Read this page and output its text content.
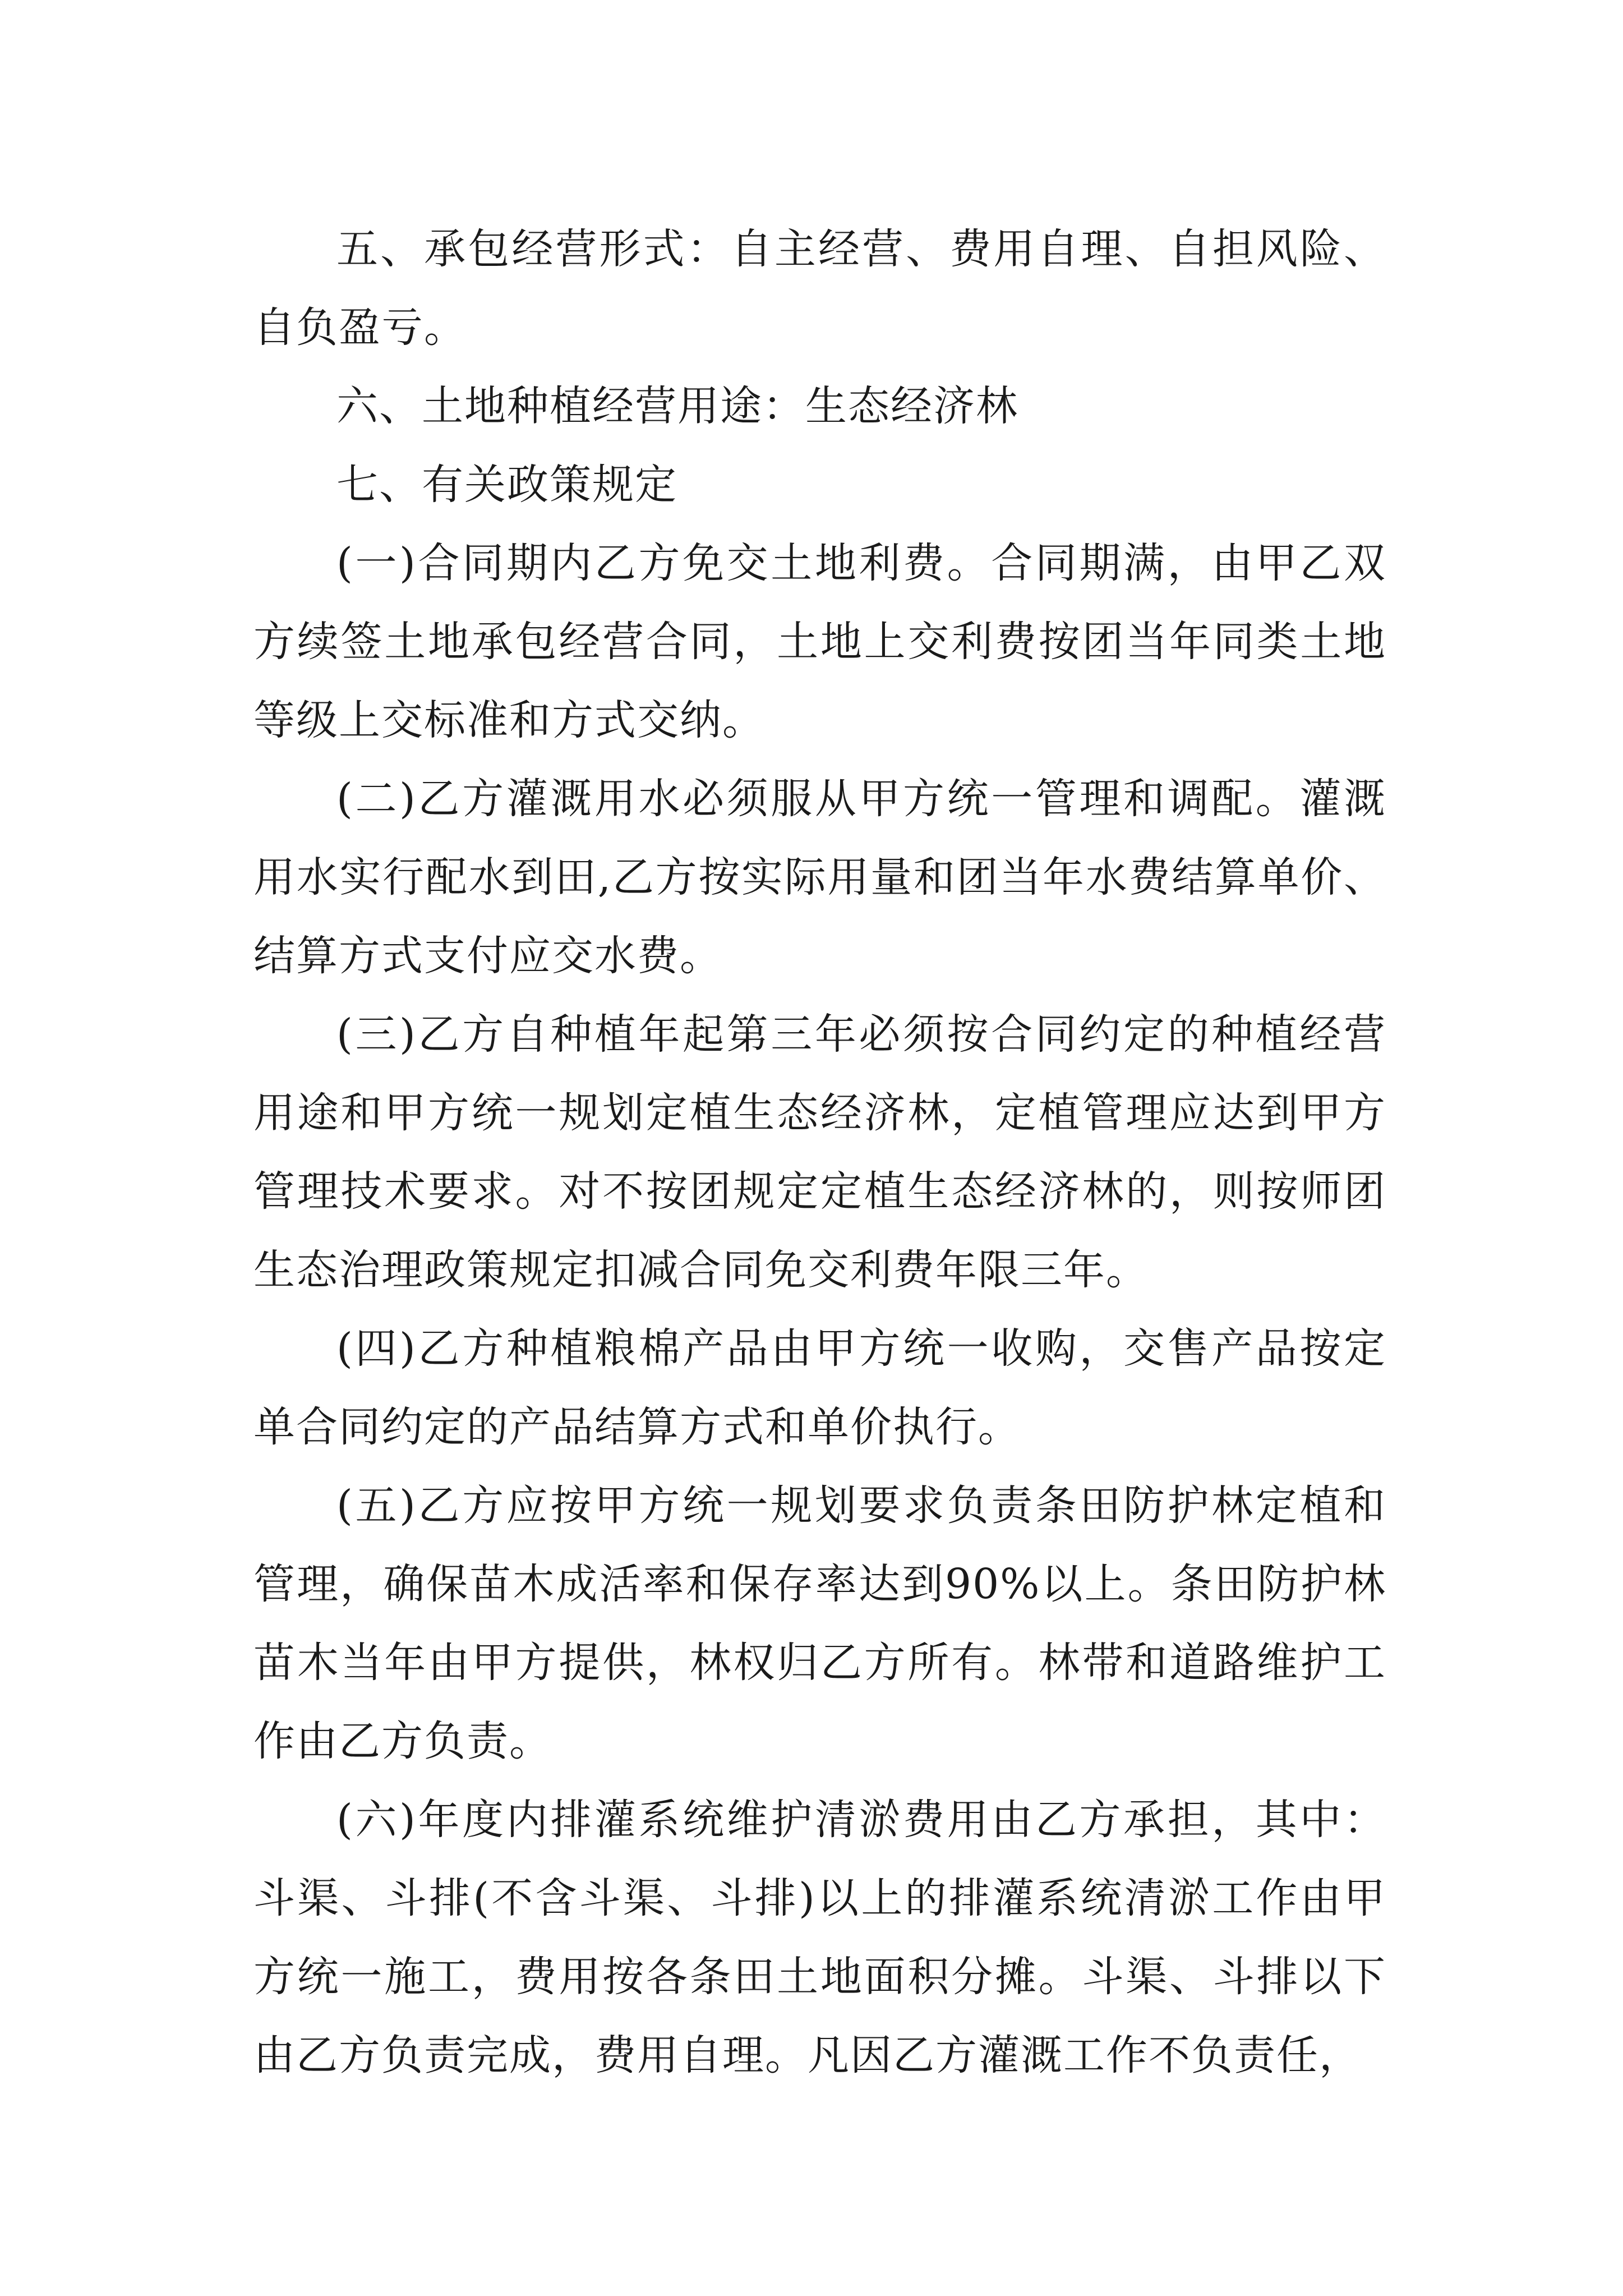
五、承包经营形式：自主经营、费用自理、自担风险、自负盈亏。

六、土地种植经营用途：生态经济林

七、有关政策规定

(一)合同期内乙方免交土地利费。合同期满，由甲乙双方续签土地承包经营合同，土地上交利费按团当年同类土地等级上交标准和方式交纳。

(二)乙方灌溉用水必须服从甲方统一管理和调配。灌溉用水实行配水到田,乙方按实际用量和团当年水费结算单价、结算方式支付应交水费。

(三)乙方自种植年起第三年必须按合同约定的种植经营用途和甲方统一规划定植生态经济林，定植管理应达到甲方管理技术要求。对不按团规定定植生态经济林的，则按师团生态治理政策规定扣减合同免交利费年限三年。

(四)乙方种植粮棉产品由甲方统一收购，交售产品按定单合同约定的产品结算方式和单价执行。

(五)乙方应按甲方统一规划要求负责条田防护林定植和管理，确保苗木成活率和保存率达到90%以上。条田防护林苗木当年由甲方提供，林权归乙方所有。林带和道路维护工作由乙方负责。

(六)年度内排灌系统维护清淤费用由乙方承担，其中：斗渠、斗排(不含斗渠、斗排)以上的排灌系统清淤工作由甲方统一施工，费用按各条田土地面积分摊。斗渠、斗排以下由乙方负责完成，费用自理。凡因乙方灌溉工作不负责任，
